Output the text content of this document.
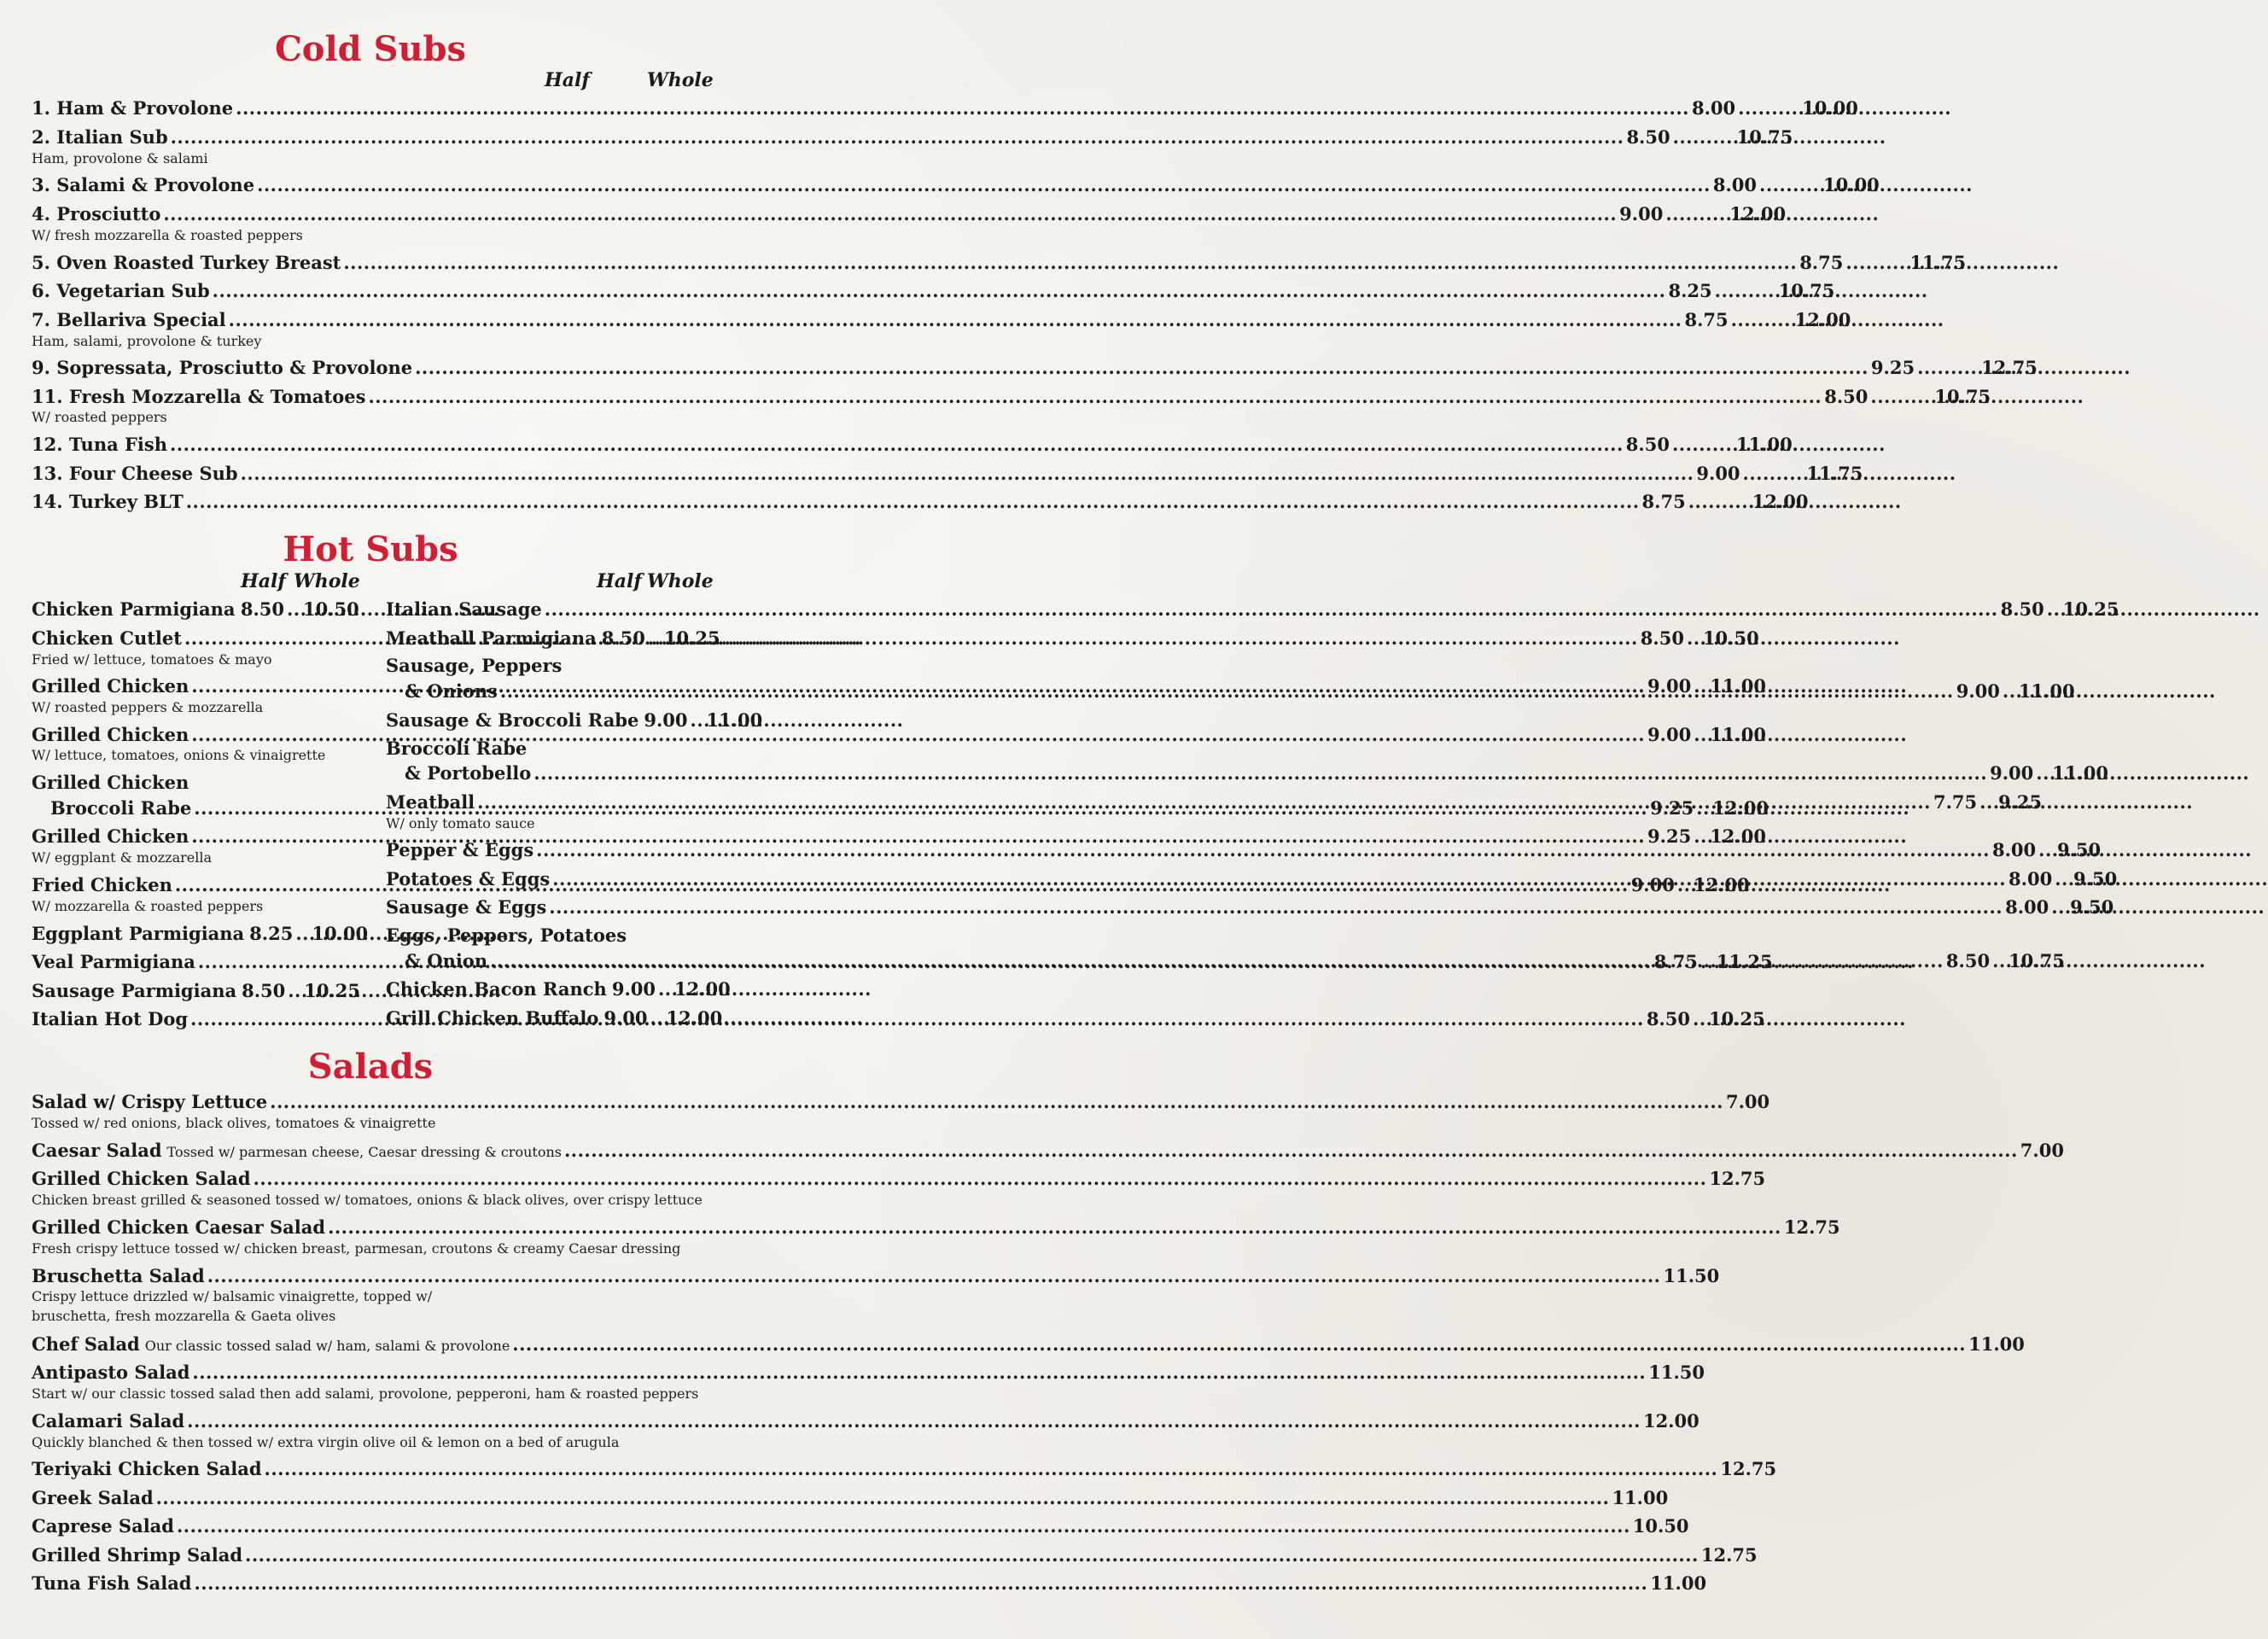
Cold Subs
Half	Whole
1. Ham & Provolone .....	8.00 .....	10.00
2. Italian Sub .....	8.50 .....	10.75
Ham, provolone & salami
3. Salami & Provolone .....	8.00 .....	10.00
4. Prosciutto .....	9.00 .....	12.00
W/ fresh mozzarella & roasted peppers
5. Oven Roasted Turkey Breast .....	8.75 .....	11.75
6. Vegetarian Sub .....	8.25 .....	10.75
7. Bellariva Special .....	8.75 .....	12.00
Ham, salami, provolone & turkey
9. Sopressata, Prosciutto & Provolone .....	9.25 .....	12.75
11. Fresh Mozzarella & Tomatoes .....	8.50 .....	10.75
W/ roasted peppers
12. Tuna Fish .....	8.50 .....	11.00
13. Four Cheese Sub .....	9.00 .....	11.75
14. Turkey BLT .....	8.75 .....	12.00
Hot Subs
Half Whole	Half Whole
Chicken Parmigiana ..... 8.50 ..... 10.50
Chicken Cutlet .....	8.50 ..... 10.50
Fried w/ lettuce, tomatoes & mayo
Grilled Chicken .....	9.00 ..... 11.00
W/ roasted peppers & mozzarella
Grilled Chicken .....	9.00 ..... 11.00
W/ lettuce, tomatoes, onions & vinaigrette
Grilled Chicken
Broccoli Rabe .....	9.25 ..... 12.00
Grilled Chicken .....	9.25 ..... 12.00
W/ eggplant & mozzarella
Fried Chicken .....	9.00 ..... 12.00
W/ mozzarella & roasted peppers
Eggplant Parmigiana 8.25 ..... 10.00
Veal Parmigiana .....	8.75 ..... 11.25
Sausage Parmigiana 8.50 ..... 10.25
Italian Hot Dog .....	8.50 ..... 10.25
Italian Sausage .....	8.50 ..... 10.25
Meatball Parmigiana 8.50 ..... 10.25
Sausage, Peppers
& Onions .....	9.00 ..... 11.00
Sausage & Broccoli Rabe 9.00 ..... 11.00
Broccoli Rabe
& Portobello .....	9.00 ..... 11.00
Meatball .....	7.75 ..... 9.25
W/ only tomato sauce
Pepper & Eggs .....	8.00 ..... 9.50
Potatoes & Eggs .....	8.00 ..... 9.50
Sausage & Eggs .....	8.00 ..... 9.50
Eggs, Peppers, Potatoes
& Onion .....	8.50 ..... 10.75
Chicken Bacon Ranch 9.00 ..... 12.00
Grill Chicken Buffalo 9.00 ..... 12.00
Salads
Salad w/ Crispy Lettuce .....	7.00
Tossed w/ red onions, black olives, tomatoes & vinaigrette
Caesar Salad Tossed w/ parmesan cheese, Caesar dressing & croutons .....	7.00
Grilled Chicken Salad .....	12.75
Chicken breast grilled & seasoned tossed w/ tomatoes, onions & black olives, over crispy lettuce
Grilled Chicken Caesar Salad .....	12.75
Fresh crispy lettuce tossed w/ chicken breast, parmesan, croutons & creamy Caesar dressing
Bruschetta Salad .....	11.50
Crispy lettuce drizzled w/ balsamic vinaigrette, topped w/
bruschetta, fresh mozzarella & Gaeta olives
Chef Salad Our classic tossed salad w/ ham, salami & provolone .....	11.00
Antipasto Salad .....	11.50
Start w/ our classic tossed salad then add salami, provolone, pepperoni, ham & roasted peppers
Calamari Salad .....	12.00
Quickly blanched & then tossed w/ extra virgin olive oil & lemon on a bed of arugula
Teriyaki Chicken Salad .....	12.75
Greek Salad .....	11.00
Caprese Salad .....	10.50
Grilled Shrimp Salad .....	12.75
Tuna Fish Salad .....	11.00
